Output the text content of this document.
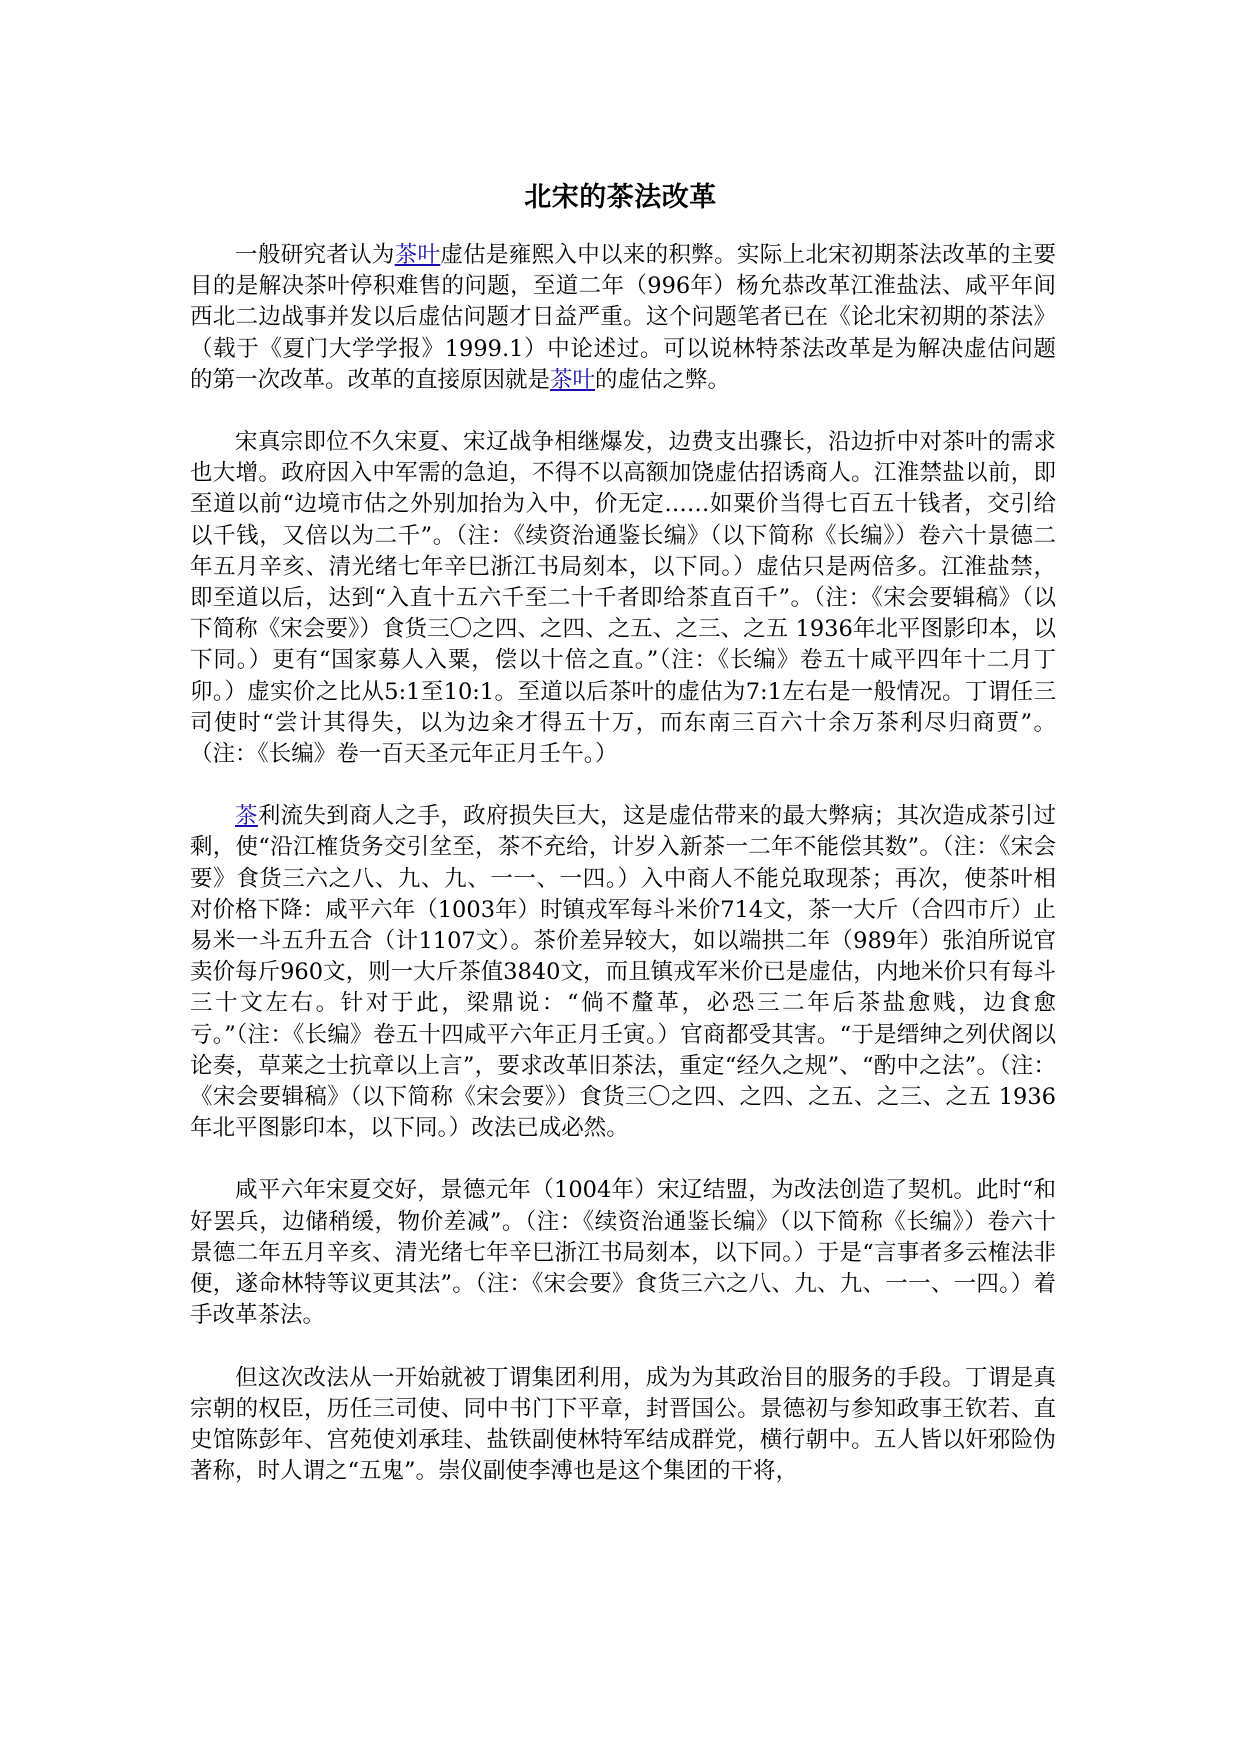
北宋的茶法改革

一般研究者认为茶叶虚估是雍熙入中以来的积弊。实际上北宋初期茶法改革的主要目的是解决茶叶停积难售的问题，至道二年（996年）杨允恭改革江淮盐法、咸平年间西北二边战事并发以后虚估问题才日益严重。这个问题笔者已在《论北宋初期的茶法》（载于《夏门大学学报》1999.1）中论述过。可以说林特茶法改革是为解决虚估问题的第一次改革。改革的直接原因就是茶叶的虚估之弊。

宋真宗即位不久宋夏、宋辽战争相继爆发，边费支出骤长，沿边折中对茶叶的需求也大增。政府因入中军需的急迫，不得不以高额加饶虚估招诱商人。江淮禁盐以前，即至道以前“边境市估之外别加抬为入中，价无定……如粟价当得七百五十钱者，交引给以千钱，又倍以为二千”。（注：《续资治通鉴长编》（以下简称《长编》）卷六十景德二年五月辛亥、清光绪七年辛巳浙江书局刻本，以下同。）虚估只是两倍多。江淮盐禁，即至道以后，达到“入直十五六千至二十千者即给茶直百千”。（注：《宋会要辑稿》（以下简称《宋会要》）食货三〇之四、之四、之五、之三、之五 1936年北平图影印本，以下同。）更有“国家募人入粟，偿以十倍之直。”（注：《长编》卷五十咸平四年十二月丁卯。）虚实价之比从5:1至10:1。至道以后茶叶的虚估为7:1左右是一般情况。丁谓任三司使时“尝计其得失，以为边籴才得五十万，而东南三百六十余万茶利尽归商贾”。（注：《长编》卷一百天圣元年正月壬午。）

茶利流失到商人之手，政府损失巨大，这是虚估带来的最大弊病；其次造成茶引过剩，使“沿江榷货务交引坌至，茶不充给，计岁入新茶一二年不能偿其数”。（注：《宋会要》食货三六之八、九、九、一一、一四。）入中商人不能兑取现茶；再次，使茶叶相对价格下降：咸平六年（1003年）时镇戎军每斗米价714文，茶一大斤（合四市斤）止易米一斗五升五合（计1107文）。茶价差异较大，如以端拱二年（989年）张洎所说官卖价每斤960文，则一大斤茶值3840文，而且镇戎军米价已是虚估，内地米价只有每斗三十文左右。针对于此，梁鼎说：“倘不釐革，必恐三二年后茶盐愈贱，边食愈亏。”（注：《长编》卷五十四咸平六年正月壬寅。）官商都受其害。“于是缙绅之列伏阁以论奏，草莱之士抗章以上言”，要求改革旧茶法，重定“经久之规”、“酌中之法”。（注：《宋会要辑稿》（以下简称《宋会要》）食货三〇之四、之四、之五、之三、之五 1936年北平图影印本，以下同。）改法已成必然。

咸平六年宋夏交好，景德元年（1004年）宋辽结盟，为改法创造了契机。此时“和好罢兵，边储稍缓，物价差减”。（注：《续资治通鉴长编》（以下简称《长编》）卷六十景德二年五月辛亥、清光绪七年辛巳浙江书局刻本，以下同。）于是“言事者多云榷法非便，遂命林特等议更其法”。（注：《宋会要》食货三六之八、九、九、一一、一四。）着手改革茶法。

但这次改法从一开始就被丁谓集团利用，成为为其政治目的服务的手段。丁谓是真宗朝的权臣，历任三司使、同中书门下平章，封晋国公。景德初与参知政事王钦若、直史馆陈彭年、宫苑使刘承珪、盐铁副使林特军结成群党，横行朝中。五人皆以奸邪险伪著称，时人谓之“五鬼”。崇仪副使李溥也是这个集团的干将，
